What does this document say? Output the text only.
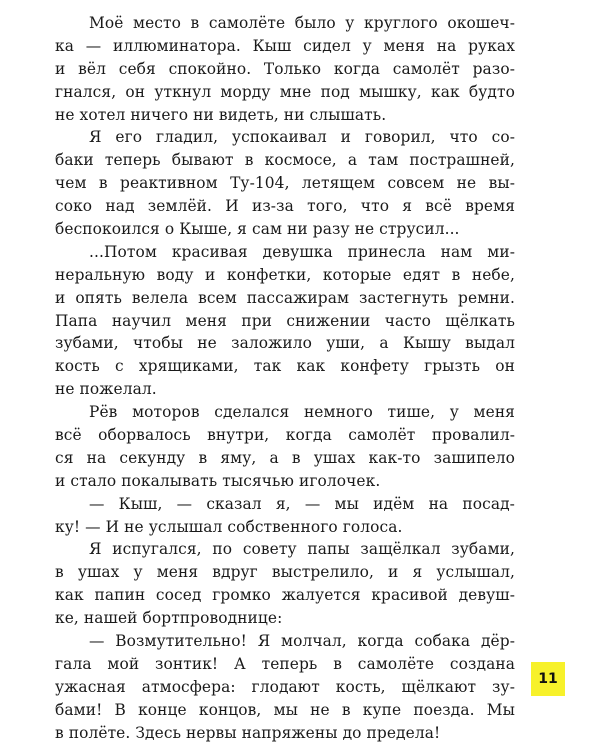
Моё место в самолёте было у круглого окошеч-
ка — иллюминатора. Кыш сидел у меня на руках
и вёл себя спокойно. Только когда самолёт разо-
гнался, он уткнул морду мне под мышку, как будто
не хотел ничего ни видеть, ни слышать.
Я его гладил, успокаивал и говорил, что со-
баки теперь бывают в космосе, а там пострашней,
чем в реактивном Ту-104, летящем совсем не вы-
соко над землёй. И из-за того, что я всё время
беспокоился о Кыше, я сам ни разу не струсил...
...Потом красивая девушка принесла нам ми-
неральную воду и конфетки, которые едят в небе,
и опять велела всем пассажирам застегнуть ремни.
Папа научил меня при снижении часто щёлкать
зубами, чтобы не заложило уши, а Кышу выдал
кость с хрящиками, так как конфету грызть он
не пожелал.
Рёв моторов сделался немного тише, у меня
всё оборвалось внутри, когда самолёт провалил-
ся на секунду в яму, а в ушах как-то зашипело
и стало покалывать тысячью иголочек.
— Кыш, — сказал я, — мы идём на посад-
ку! — И не услышал собственного голоса.
Я испугался, по совету папы защёлкал зубами,
в ушах у меня вдруг выстрелило, и я услышал,
как папин сосед громко жалуется красивой девуш-
ке, нашей бортпроводнице:
— Возмутительно! Я молчал, когда собака дёр-
гала мой зонтик! А теперь в самолёте создана
ужасная атмосфера: глодают кость, щёлкают зу-
бами! В конце концов, мы не в купе поезда. Мы
в полёте. Здесь нервы напряжены до предела!
11
